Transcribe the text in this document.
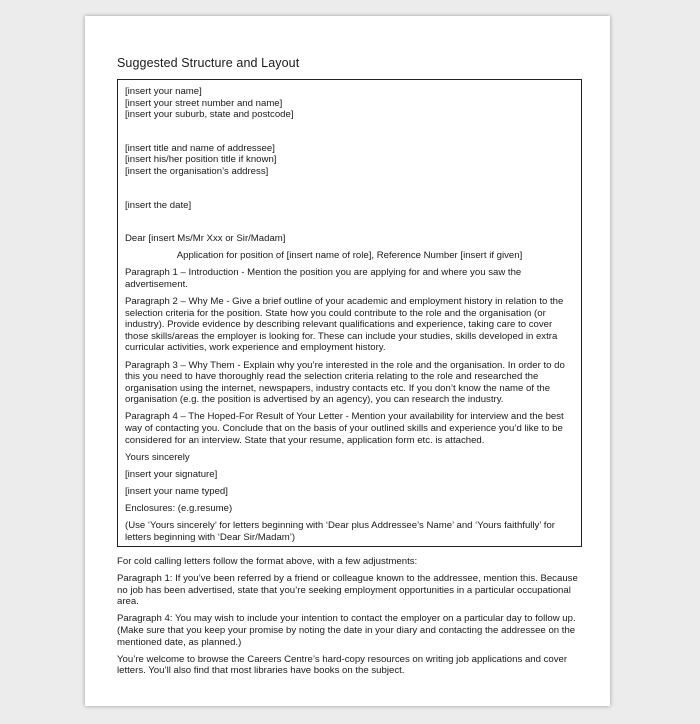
Suggested Structure and Layout

[insert your name]

[insert your street number and name]

[insert your suburb, state and postcode]

[insert title and name of addressee]

[insert his/her position title if known]

[insert the organisation’s address]

[insert the date]

Dear [insert Ms/Mr Xxx or Sir/Madam]

Application for position of [insert name of role], Reference Number [insert if given]

Paragraph 1 – Introduction - Mention the position you are applying for and where you saw the advertisement.

Paragraph 2 – Why Me - Give a brief outline of your academic and employment history in relation to the selection criteria for the position. State how you could contribute to the role and the organisation (or industry). Provide evidence by describing relevant qualifications and experience, taking care to cover those skills/areas the employer is looking for. These can include your studies, skills developed in extra curricular activities, work experience and employment history.

Paragraph 3 – Why Them - Explain why you’re interested in the role and the organisation. In order to do this you need to have thoroughly read the selection criteria relating to the role and researched the organisation using the internet, newspapers, industry contacts etc. If you don’t know the name of the organisation (e.g. the position is advertised by an agency), you can research the industry.

Paragraph 4 – The Hoped-For Result of Your Letter - Mention your availability for interview and the best way of contacting you. Conclude that on the basis of your outlined skills and experience you’d like to be considered for an interview. State that your resume, application form etc. is attached.

Yours sincerely

[insert your signature]

[insert your name typed]

Enclosures: (e.g.resume)

(Use ‘Yours sincerely’ for letters beginning with ‘Dear plus Addressee’s Name’ and ‘Yours faithfully’ for letters beginning with ‘Dear Sir/Madam’)

For cold calling letters follow the format above, with a few adjustments:

Paragraph 1: If you’ve been referred by a friend or colleague known to the addressee, mention this. Because no job has been advertised, state that you’re seeking employment opportunities in a particular occupational area.

Paragraph 4: You may wish to include your intention to contact the employer on a particular day to follow up. (Make sure that you keep your promise by noting the date in your diary and contacting the addressee on the mentioned date, as planned.)

You’re welcome to browse the Careers Centre’s hard-copy resources on writing job applications and cover letters. You’ll also find that most libraries have books on the subject.
